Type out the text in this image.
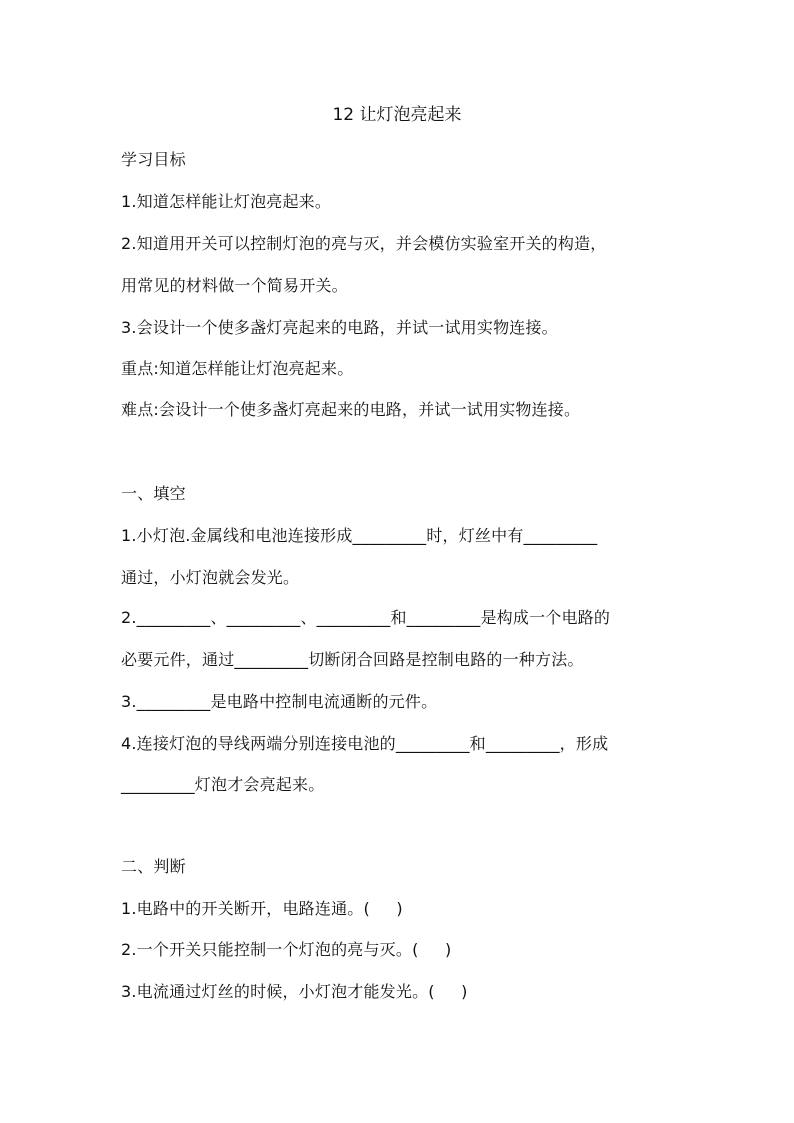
12 让灯泡亮起来
学习目标
1.知道怎样能让灯泡亮起来。
2.知道用开关可以控制灯泡的亮与灭，并会模仿实验室开关的构造，
用常见的材料做一个简易开关。
3.会设计一个使多盏灯亮起来的电路，并试一试用实物连接。
重点:知道怎样能让灯泡亮起来。
难点:会设计一个使多盏灯亮起来的电路，并试一试用实物连接。
一、填空
1.小灯泡.金属线和电池连接形成_________时，灯丝中有_________
通过，小灯泡就会发光。
2._________、_________、_________和_________是构成一个电路的
必要元件，通过_________切断闭合回路是控制电路的一种方法。
3._________是电路中控制电流通断的元件。
4.连接灯泡的导线两端分别连接电池的_________和_________，形成
_________灯泡才会亮起来。
二、判断
1.电路中的开关断开，电路连通。(     )
2.一个开关只能控制一个灯泡的亮与灭。(     )
3.电流通过灯丝的时候，小灯泡才能发光。(     )
